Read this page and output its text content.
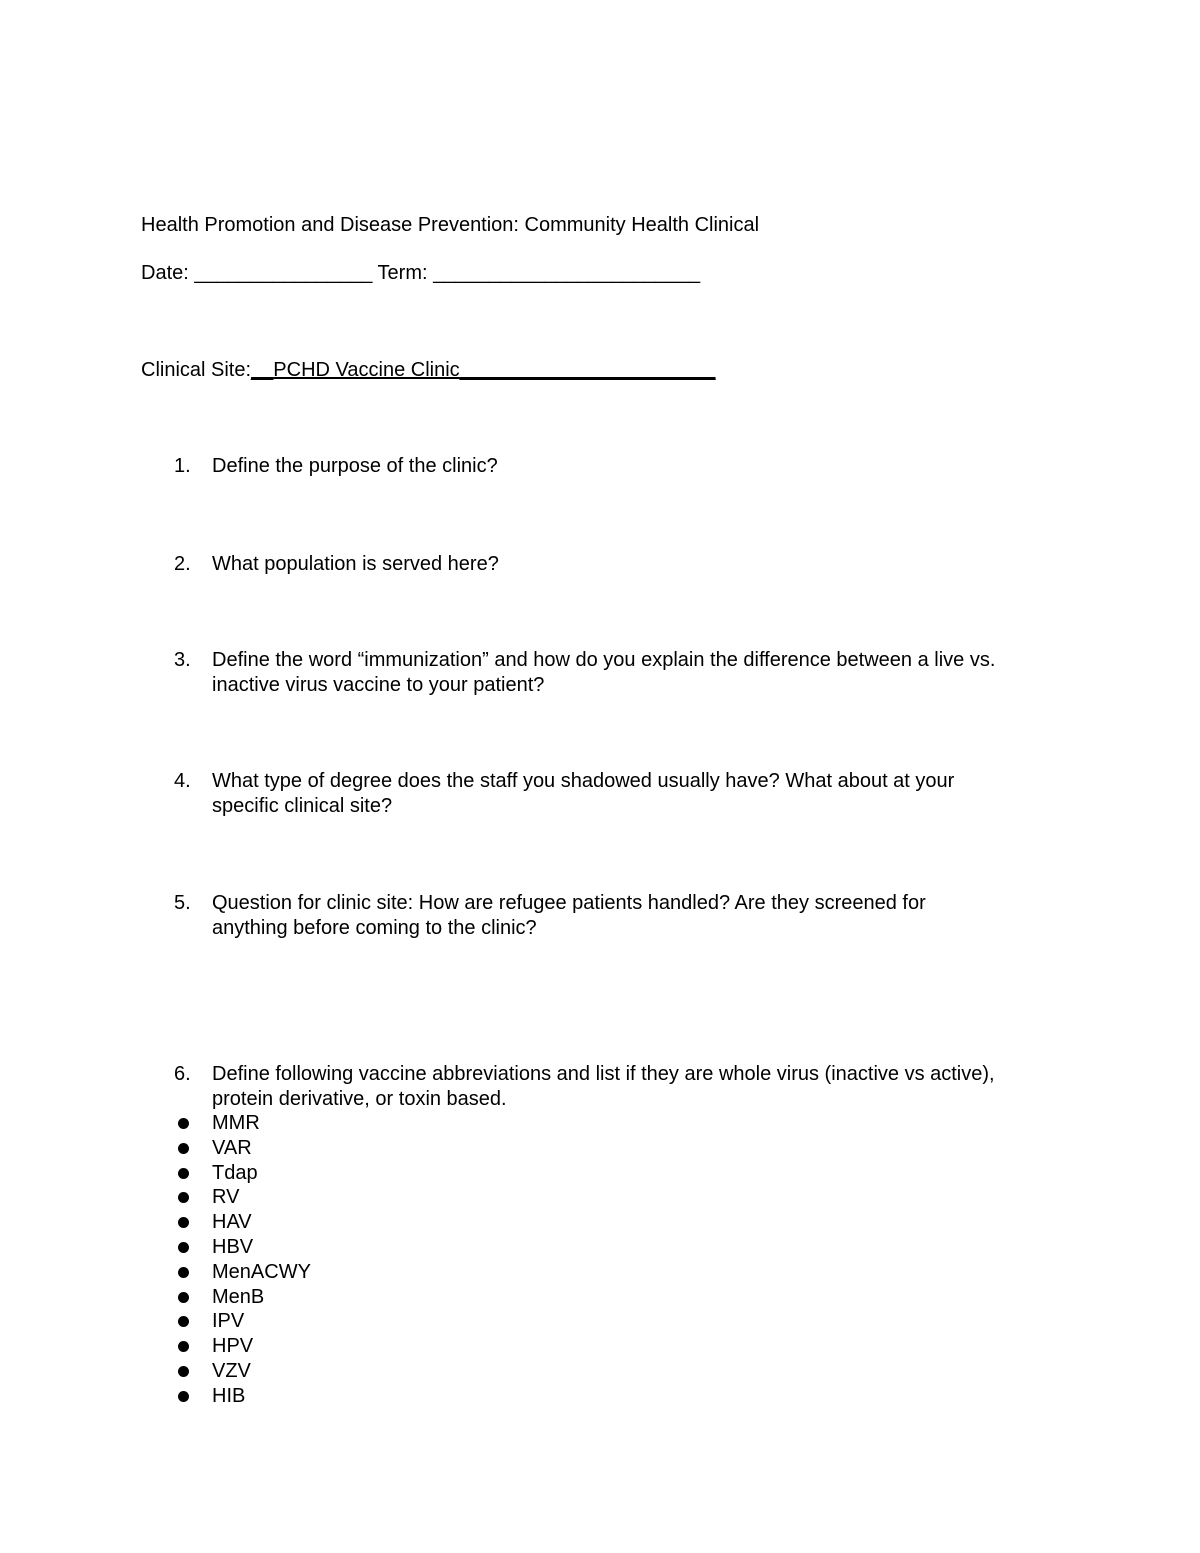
Health Promotion and Disease Prevention: Community Health Clinical
Date: ________________ Term: ________________________
Clinical Site:__PCHD Vaccine Clinic_______________________
1.	Define the purpose of the clinic?
2.	What population is served here?
3.	Define the word “immunization” and how do you explain the difference between a live vs.
inactive virus vaccine to your patient?
4.	What type of degree does the staff you shadowed usually have? What about at your
specific clinical site?
5.	Question for clinic site: How are refugee patients handled? Are they screened for
anything before coming to the clinic?
6.	Define following vaccine abbreviations and list if they are whole virus (inactive vs active),
protein derivative, or toxin based.
MMR
VAR
Tdap
RV
HAV
HBV
MenACWY
MenB
IPV
HPV
VZV
HIB
